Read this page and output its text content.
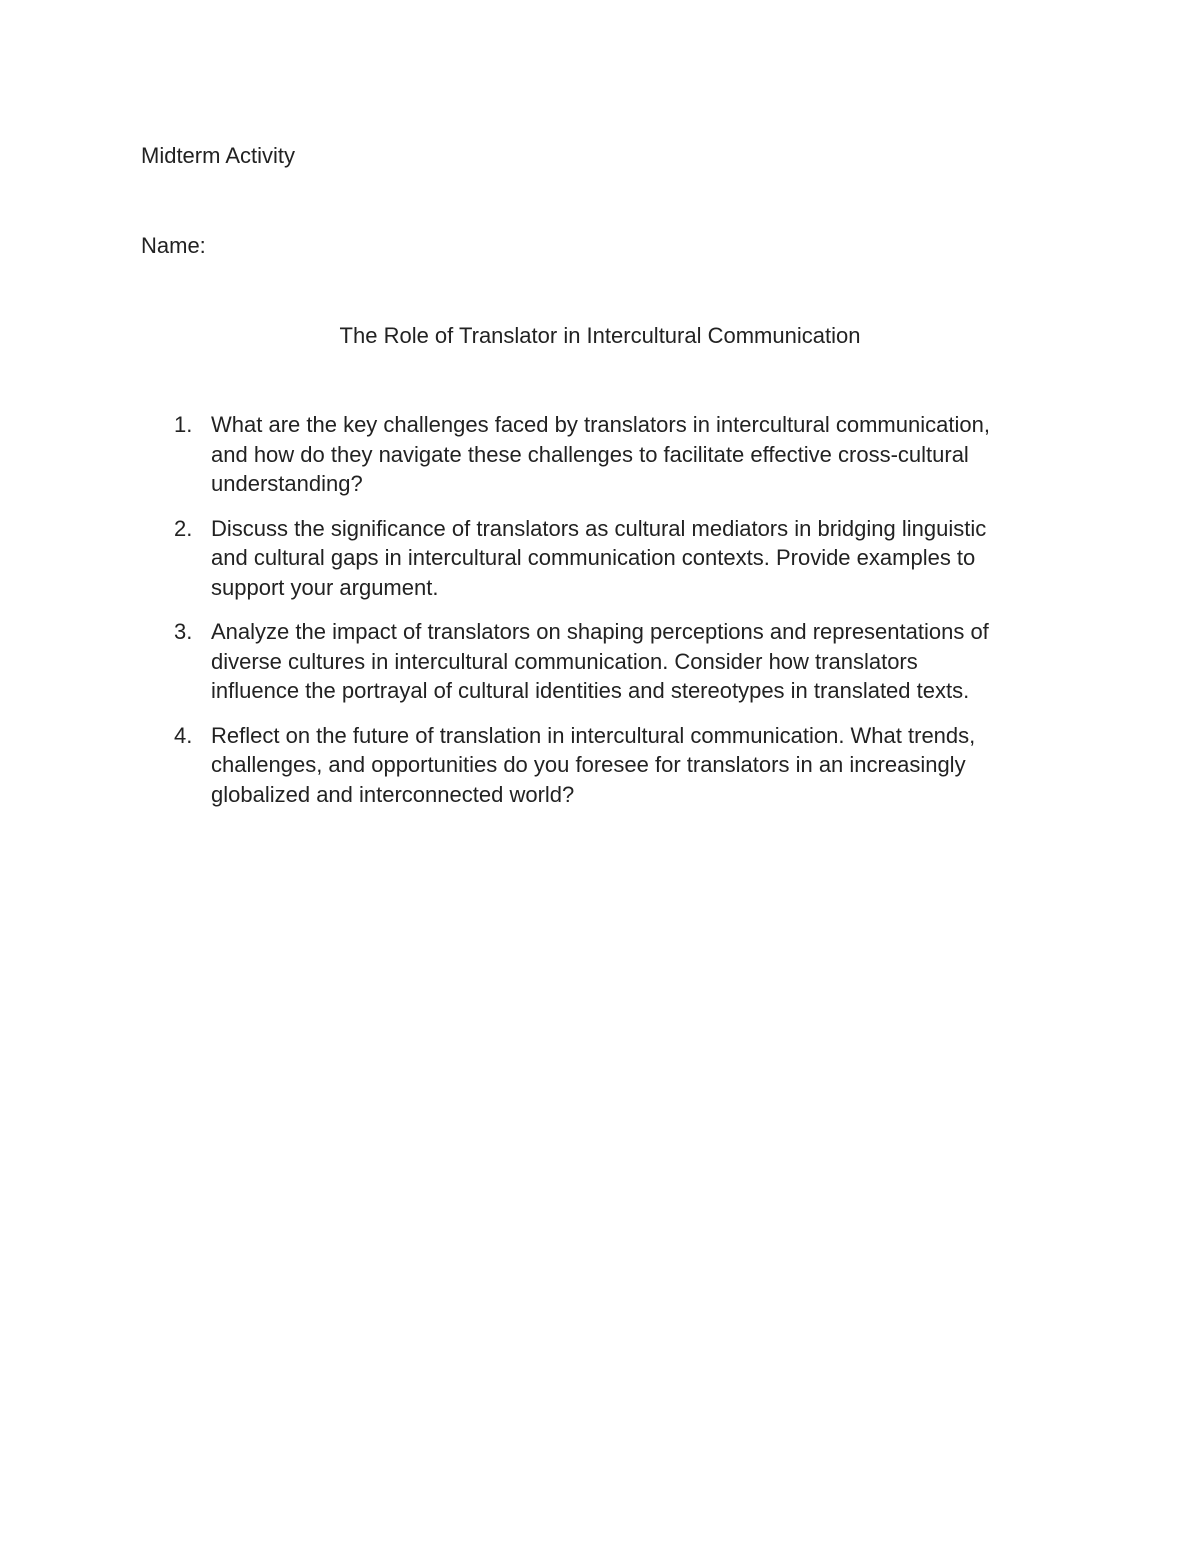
Midterm Activity

Name:

The Role of Translator in Intercultural Communication
1. What are the key challenges faced by translators in intercultural communication,
and how do they navigate these challenges to facilitate effective cross-cultural
understanding?
2. Discuss the significance of translators as cultural mediators in bridging linguistic
and cultural gaps in intercultural communication contexts. Provide examples to
support your argument.
3. Analyze the impact of translators on shaping perceptions and representations of
diverse cultures in intercultural communication. Consider how translators
influence the portrayal of cultural identities and stereotypes in translated texts.
4. Reflect on the future of translation in intercultural communication. What trends,
challenges, and opportunities do you foresee for translators in an increasingly
globalized and interconnected world?
